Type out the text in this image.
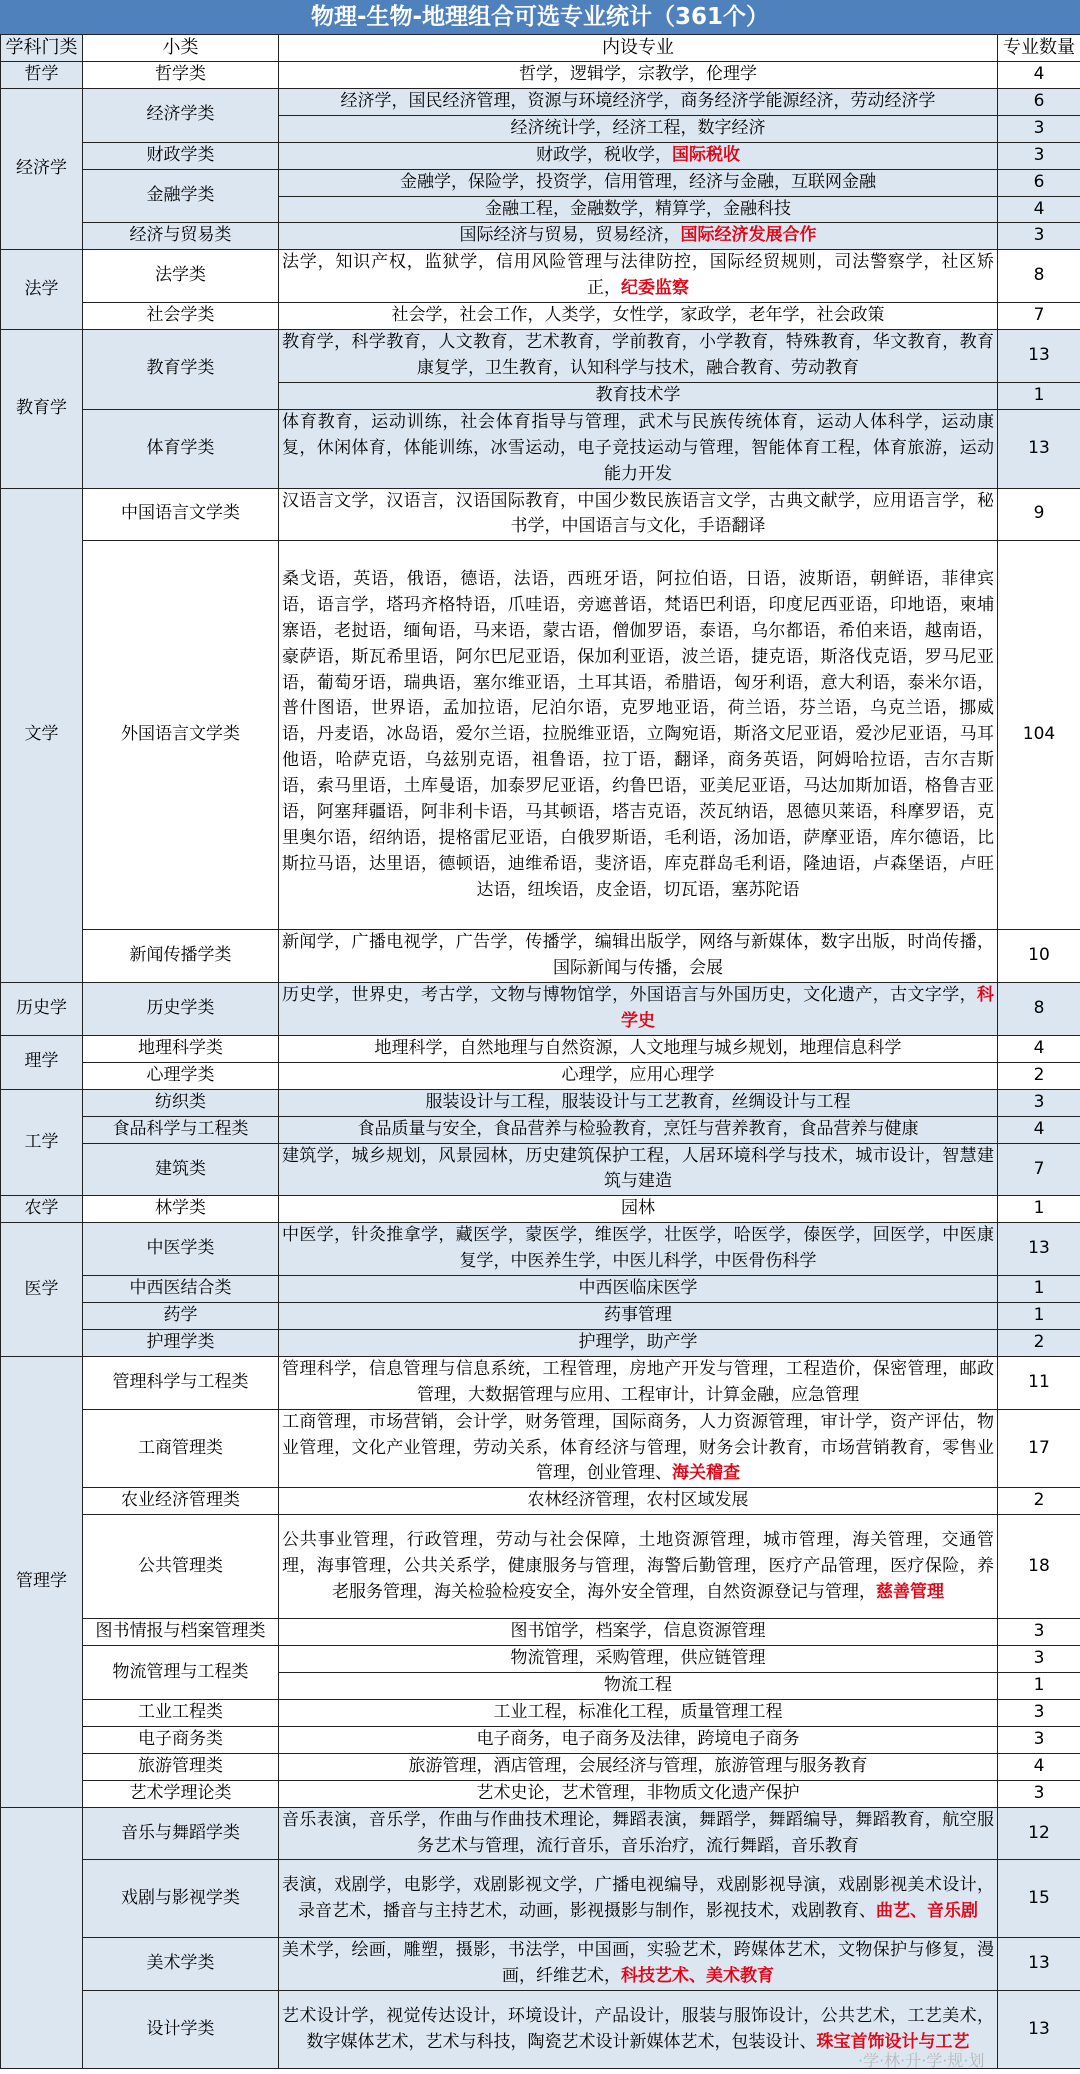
物理-生物-地理组合可选专业统计（361个）
学科门类	小类	内设专业	专业数量
哲学	哲学类	哲学，逻辑学，宗教学，伦理学	4
经济学	经济学类	经济学，国民经济管理，资源与环境经济学，商务经济学能源经济，劳动经济学	6
		经济统计学，经济工程，数字经济	3
	财政学类	财政学，税收学，国际税收	3
	金融学类	金融学，保险学，投资学，信用管理，经济与金融，互联网金融	6
		金融工程，金融数学，精算学，金融科技	4
	经济与贸易类	国际经济与贸易，贸易经济，国际经济发展合作	3
法学	法学类	法学，知识产权，监狱学，信用风险管理与法律防控，国际经贸规则，司法警察学，社区矫正，纪委监察	8
	社会学类	社会学，社会工作，人类学，女性学，家政学，老年学，社会政策	7
教育学	教育学类	教育学，科学教育，人文教育，艺术教育，学前教育，小学教育，特殊教育，华文教育，教育康复学，卫生教育，认知科学与技术，融合教育、劳动教育	13
		教育技术学	1
	体育学类	体育教育，运动训练，社会体育指导与管理，武术与民族传统体育，运动人体科学，运动康复，休闲体育，体能训练，冰雪运动，电子竞技运动与管理，智能体育工程，体育旅游，运动能力开发	13
文学	中国语言文学类	汉语言文学，汉语言，汉语国际教育，中国少数民族语言文学，古典文献学，应用语言学，秘书学，中国语言与文化，手语翻译	9
	外国语言文学类	桑戈语，英语，俄语，德语，法语，西班牙语，阿拉伯语，日语，波斯语，朝鲜语，菲律宾语，语言学，塔玛齐格特语，爪哇语，旁遮普语，梵语巴利语，印度尼西亚语，印地语，柬埔寨语，老挝语，缅甸语，马来语，蒙古语，僧伽罗语，泰语，乌尔都语，希伯来语，越南语，豪萨语，斯瓦希里语，阿尔巴尼亚语，保加利亚语，波兰语，捷克语，斯洛伐克语，罗马尼亚语，葡萄牙语，瑞典语，塞尔维亚语，土耳其语，希腊语，匈牙利语，意大利语，泰米尔语，普什图语，世界语，孟加拉语，尼泊尔语，克罗地亚语，荷兰语，芬兰语，乌克兰语，挪威语，丹麦语，冰岛语，爱尔兰语，拉脱维亚语，立陶宛语，斯洛文尼亚语，爱沙尼亚语，马耳他语，哈萨克语，乌兹别克语，祖鲁语，拉丁语，翻译，商务英语，阿姆哈拉语，吉尔吉斯语，索马里语，土库曼语，加泰罗尼亚语，约鲁巴语，亚美尼亚语，马达加斯加语，格鲁吉亚语，阿塞拜疆语，阿非利卡语，马其顿语，塔吉克语，茨瓦纳语，恩德贝莱语，科摩罗语，克里奥尔语，绍纳语，提格雷尼亚语，白俄罗斯语，毛利语，汤加语，萨摩亚语，库尔德语，比斯拉马语，达里语，德顿语，迪维希语，斐济语，库克群岛毛利语，隆迪语，卢森堡语，卢旺达语，纽埃语，皮金语，切瓦语，塞苏陀语	104
	新闻传播学类	新闻学，广播电视学，广告学，传播学，编辑出版学，网络与新媒体，数字出版，时尚传播，国际新闻与传播，会展	10
历史学	历史学类	历史学，世界史，考古学，文物与博物馆学，外国语言与外国历史，文化遗产，古文字学，科学史	8
理学	地理科学类	地理科学，自然地理与自然资源，人文地理与城乡规划，地理信息科学	4
	心理学类	心理学，应用心理学	2
工学	纺织类	服装设计与工程，服装设计与工艺教育，丝绸设计与工程	3
	食品科学与工程类	食品质量与安全，食品营养与检验教育，烹饪与营养教育，食品营养与健康	4
	建筑类	建筑学，城乡规划，风景园林，历史建筑保护工程，人居环境科学与技术，城市设计，智慧建筑与建造	7
农学	林学类	园林	1
医学	中医学类	中医学，针灸推拿学，藏医学，蒙医学，维医学，壮医学，哈医学，傣医学，回医学，中医康复学，中医养生学，中医儿科学，中医骨伤科学	13
	中西医结合类	中西医临床医学	1
	药学	药事管理	1
	护理学类	护理学，助产学	2
管理学	管理科学与工程类	管理科学，信息管理与信息系统，工程管理，房地产开发与管理，工程造价，保密管理，邮政管理，大数据管理与应用、工程审计，计算金融，应急管理	11
	工商管理类	工商管理，市场营销，会计学，财务管理，国际商务，人力资源管理，审计学，资产评估，物业管理，文化产业管理，劳动关系，体育经济与管理，财务会计教育，市场营销教育，零售业管理，创业管理、海关稽查	17
	农业经济管理类	农林经济管理，农村区域发展	2
	公共管理类	公共事业管理，行政管理，劳动与社会保障，土地资源管理，城市管理，海关管理，交通管理，海事管理，公共关系学，健康服务与管理，海警后勤管理，医疗产品管理，医疗保险，养老服务管理，海关检验检疫安全，海外安全管理，自然资源登记与管理，慈善管理	18
	图书情报与档案管理类	图书馆学，档案学，信息资源管理	3
	物流管理与工程类	物流管理，采购管理，供应链管理	3
		物流工程	1
	工业工程类	工业工程，标准化工程，质量管理工程	3
	电子商务类	电子商务，电子商务及法律，跨境电子商务	3
	旅游管理类	旅游管理，酒店管理，会展经济与管理，旅游管理与服务教育	4
	艺术学理论类	艺术史论，艺术管理，非物质文化遗产保护	3
	音乐与舞蹈学类	音乐表演，音乐学，作曲与作曲技术理论，舞蹈表演，舞蹈学，舞蹈编导，舞蹈教育，航空服务艺术与管理，流行音乐，音乐治疗，流行舞蹈，音乐教育	12
	戏剧与影视学类	表演，戏剧学，电影学，戏剧影视文学，广播电视编导，戏剧影视导演，戏剧影视美术设计，录音艺术，播音与主持艺术，动画，影视摄影与制作，影视技术，戏剧教育、曲艺、音乐剧	15
	美术学类	美术学，绘画，雕塑，摄影，书法学，中国画，实验艺术，跨媒体艺术，文物保护与修复，漫画，纤维艺术，科技艺术、美术教育	13
	设计学类	艺术设计学，视觉传达设计，环境设计，产品设计，服装与服饰设计，公共艺术，工艺美术，数字媒体艺术，艺术与科技，陶瓷艺术设计新媒体艺术，包装设计、珠宝首饰设计与工艺	13
·学·林·升·学·规·划
